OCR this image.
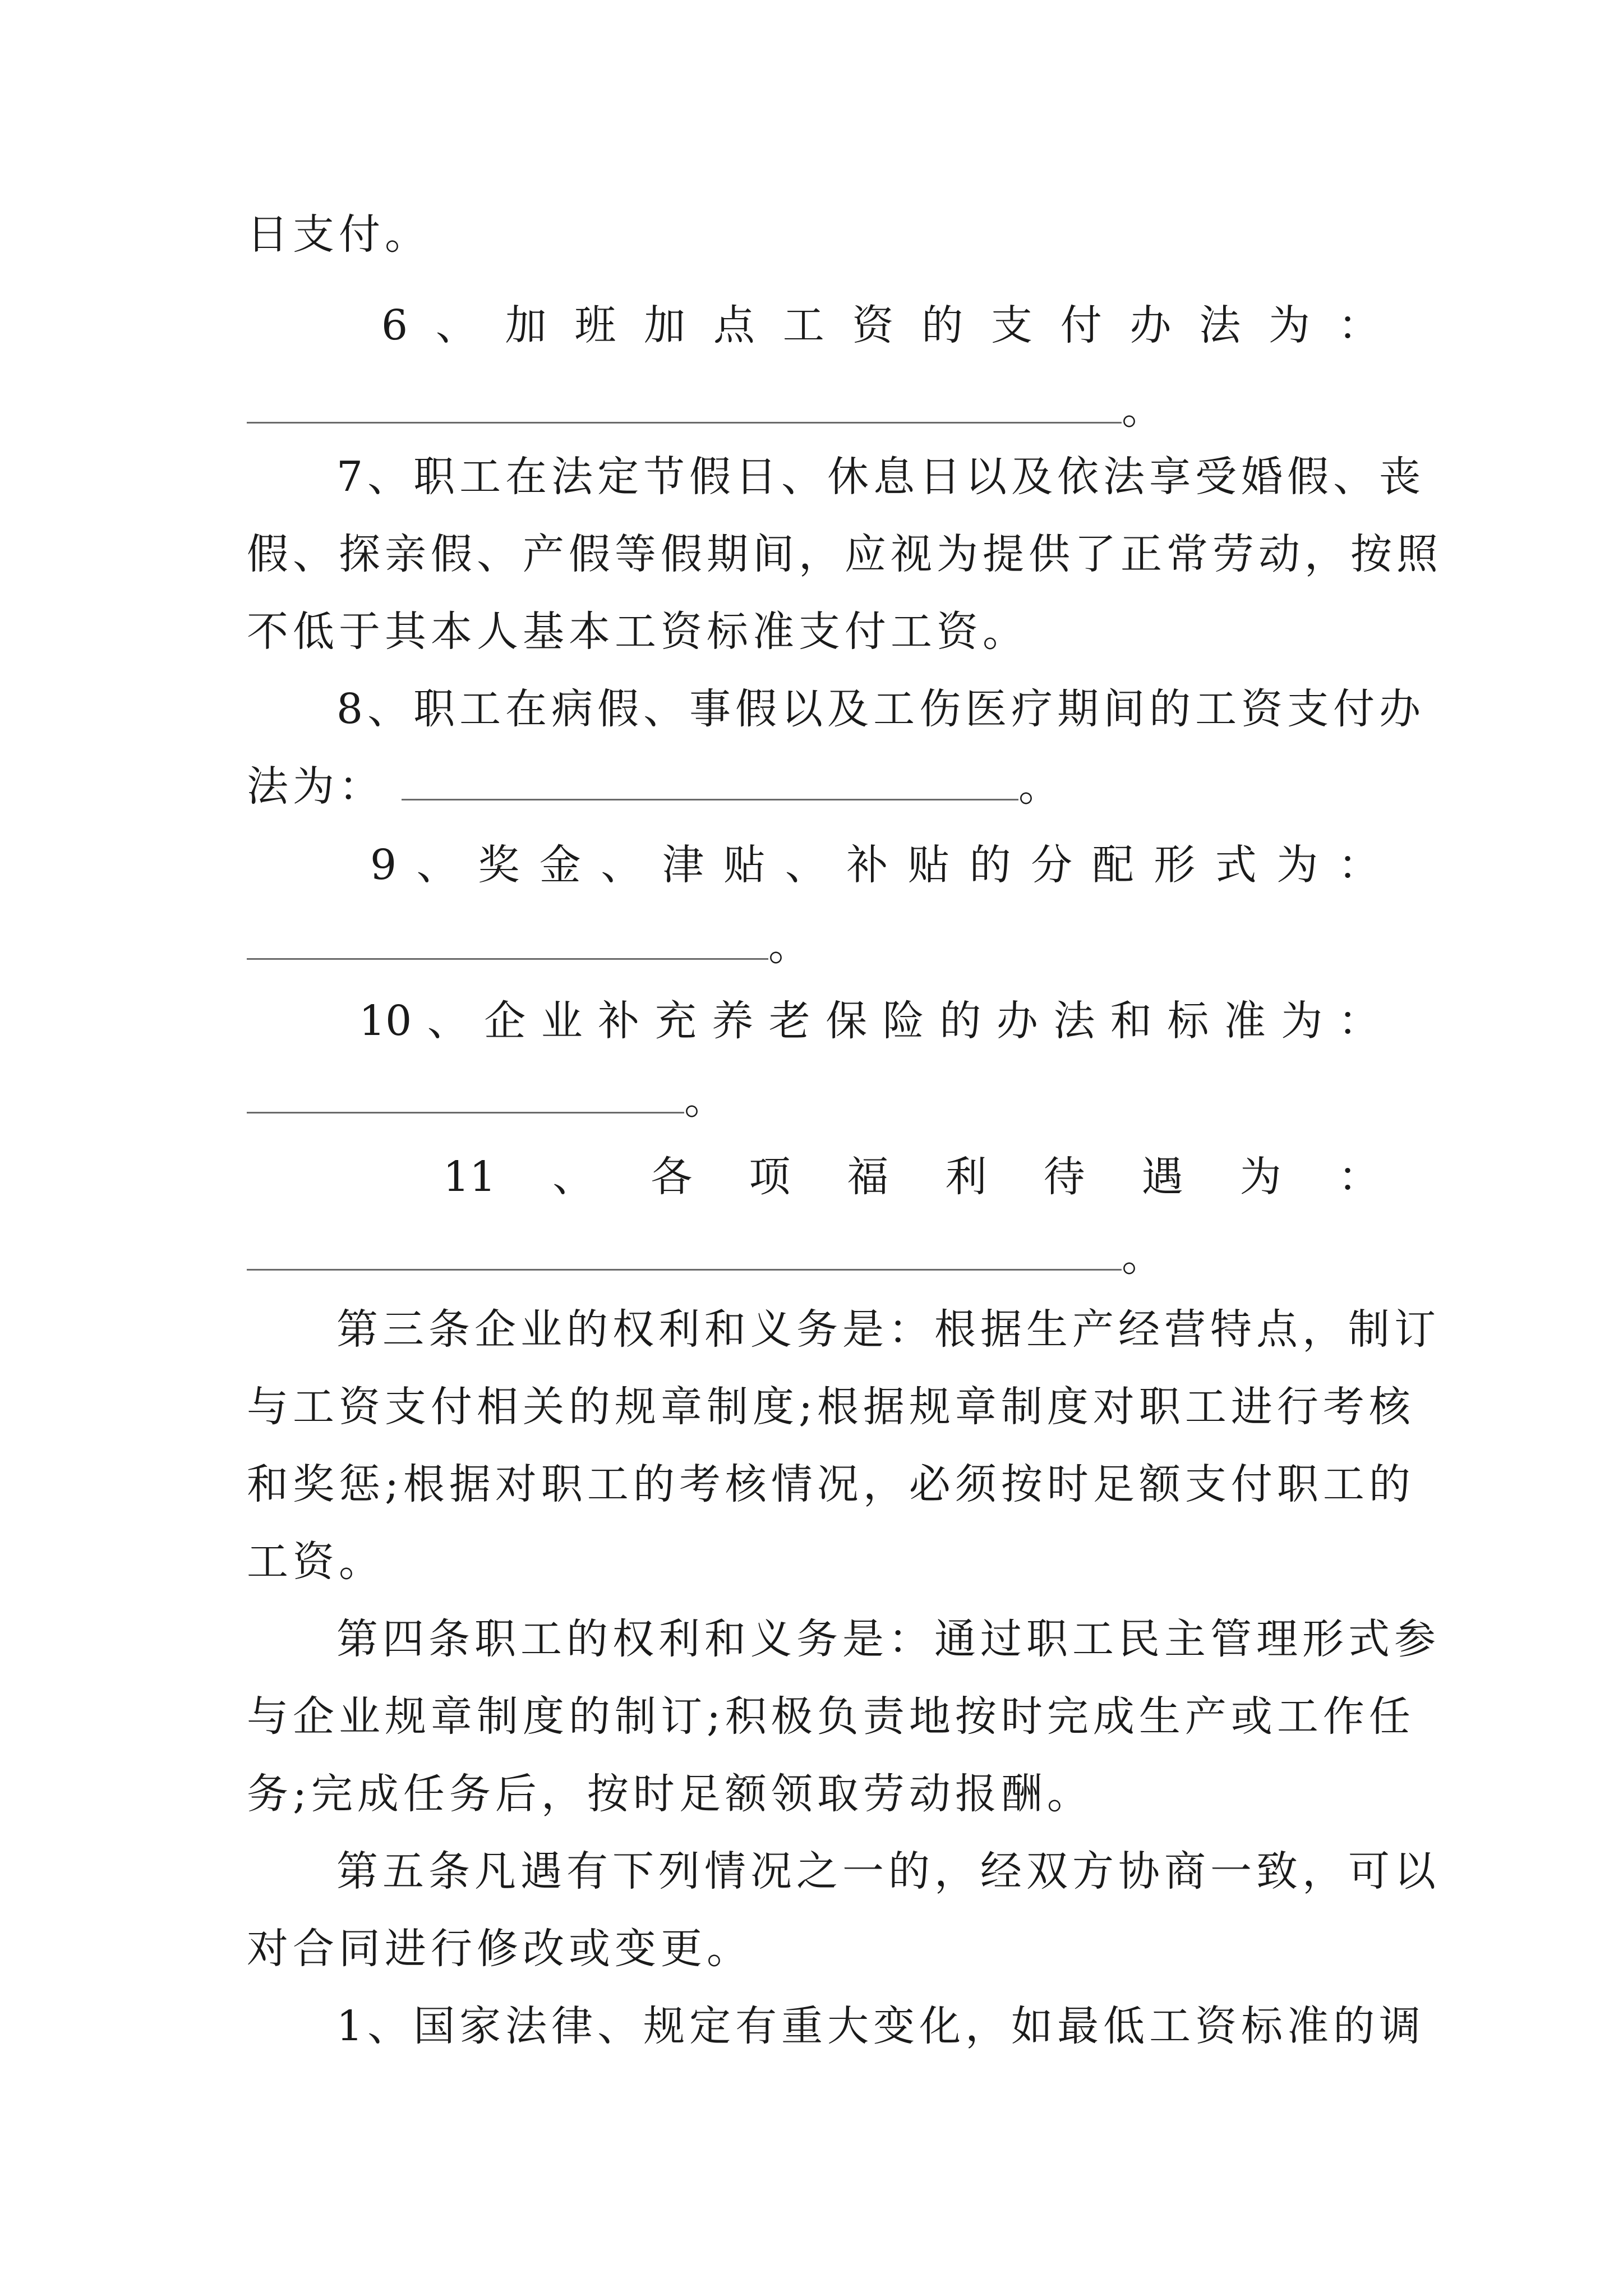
日支付。
6 、 加 班 加 点 工 资 的 支 付 办 法 为 ：
。
7、职工在法定节假日、休息日以及依法享受婚假、丧
假、探亲假、产假等假期间，应视为提供了正常劳动，按照
不低于其本人基本工资标准支付工资。
8、职工在病假、事假以及工伤医疗期间的工资支付办
法为：	。
9 、 奖 金 、 津 贴 、 补 贴 的 分 配 形 式 为 ：
。
10 、 企 业 补 充 养 老 保 险 的 办 法 和 标 准 为 ：
。
11 、 各 项 福 利 待 遇 为 ：
。
第三条企业的权利和义务是：根据生产经营特点，制订
与工资支付相关的规章制度;根据规章制度对职工进行考核
和奖惩;根据对职工的考核情况，必须按时足额支付职工的
工资。
第四条职工的权利和义务是：通过职工民主管理形式参
与企业规章制度的制订;积极负责地按时完成生产或工作任
务;完成任务后，按时足额领取劳动报酬。
第五条凡遇有下列情况之一的，经双方协商一致，可以
对合同进行修改或变更。
1、国家法律、规定有重大变化，如最低工资标准的调
